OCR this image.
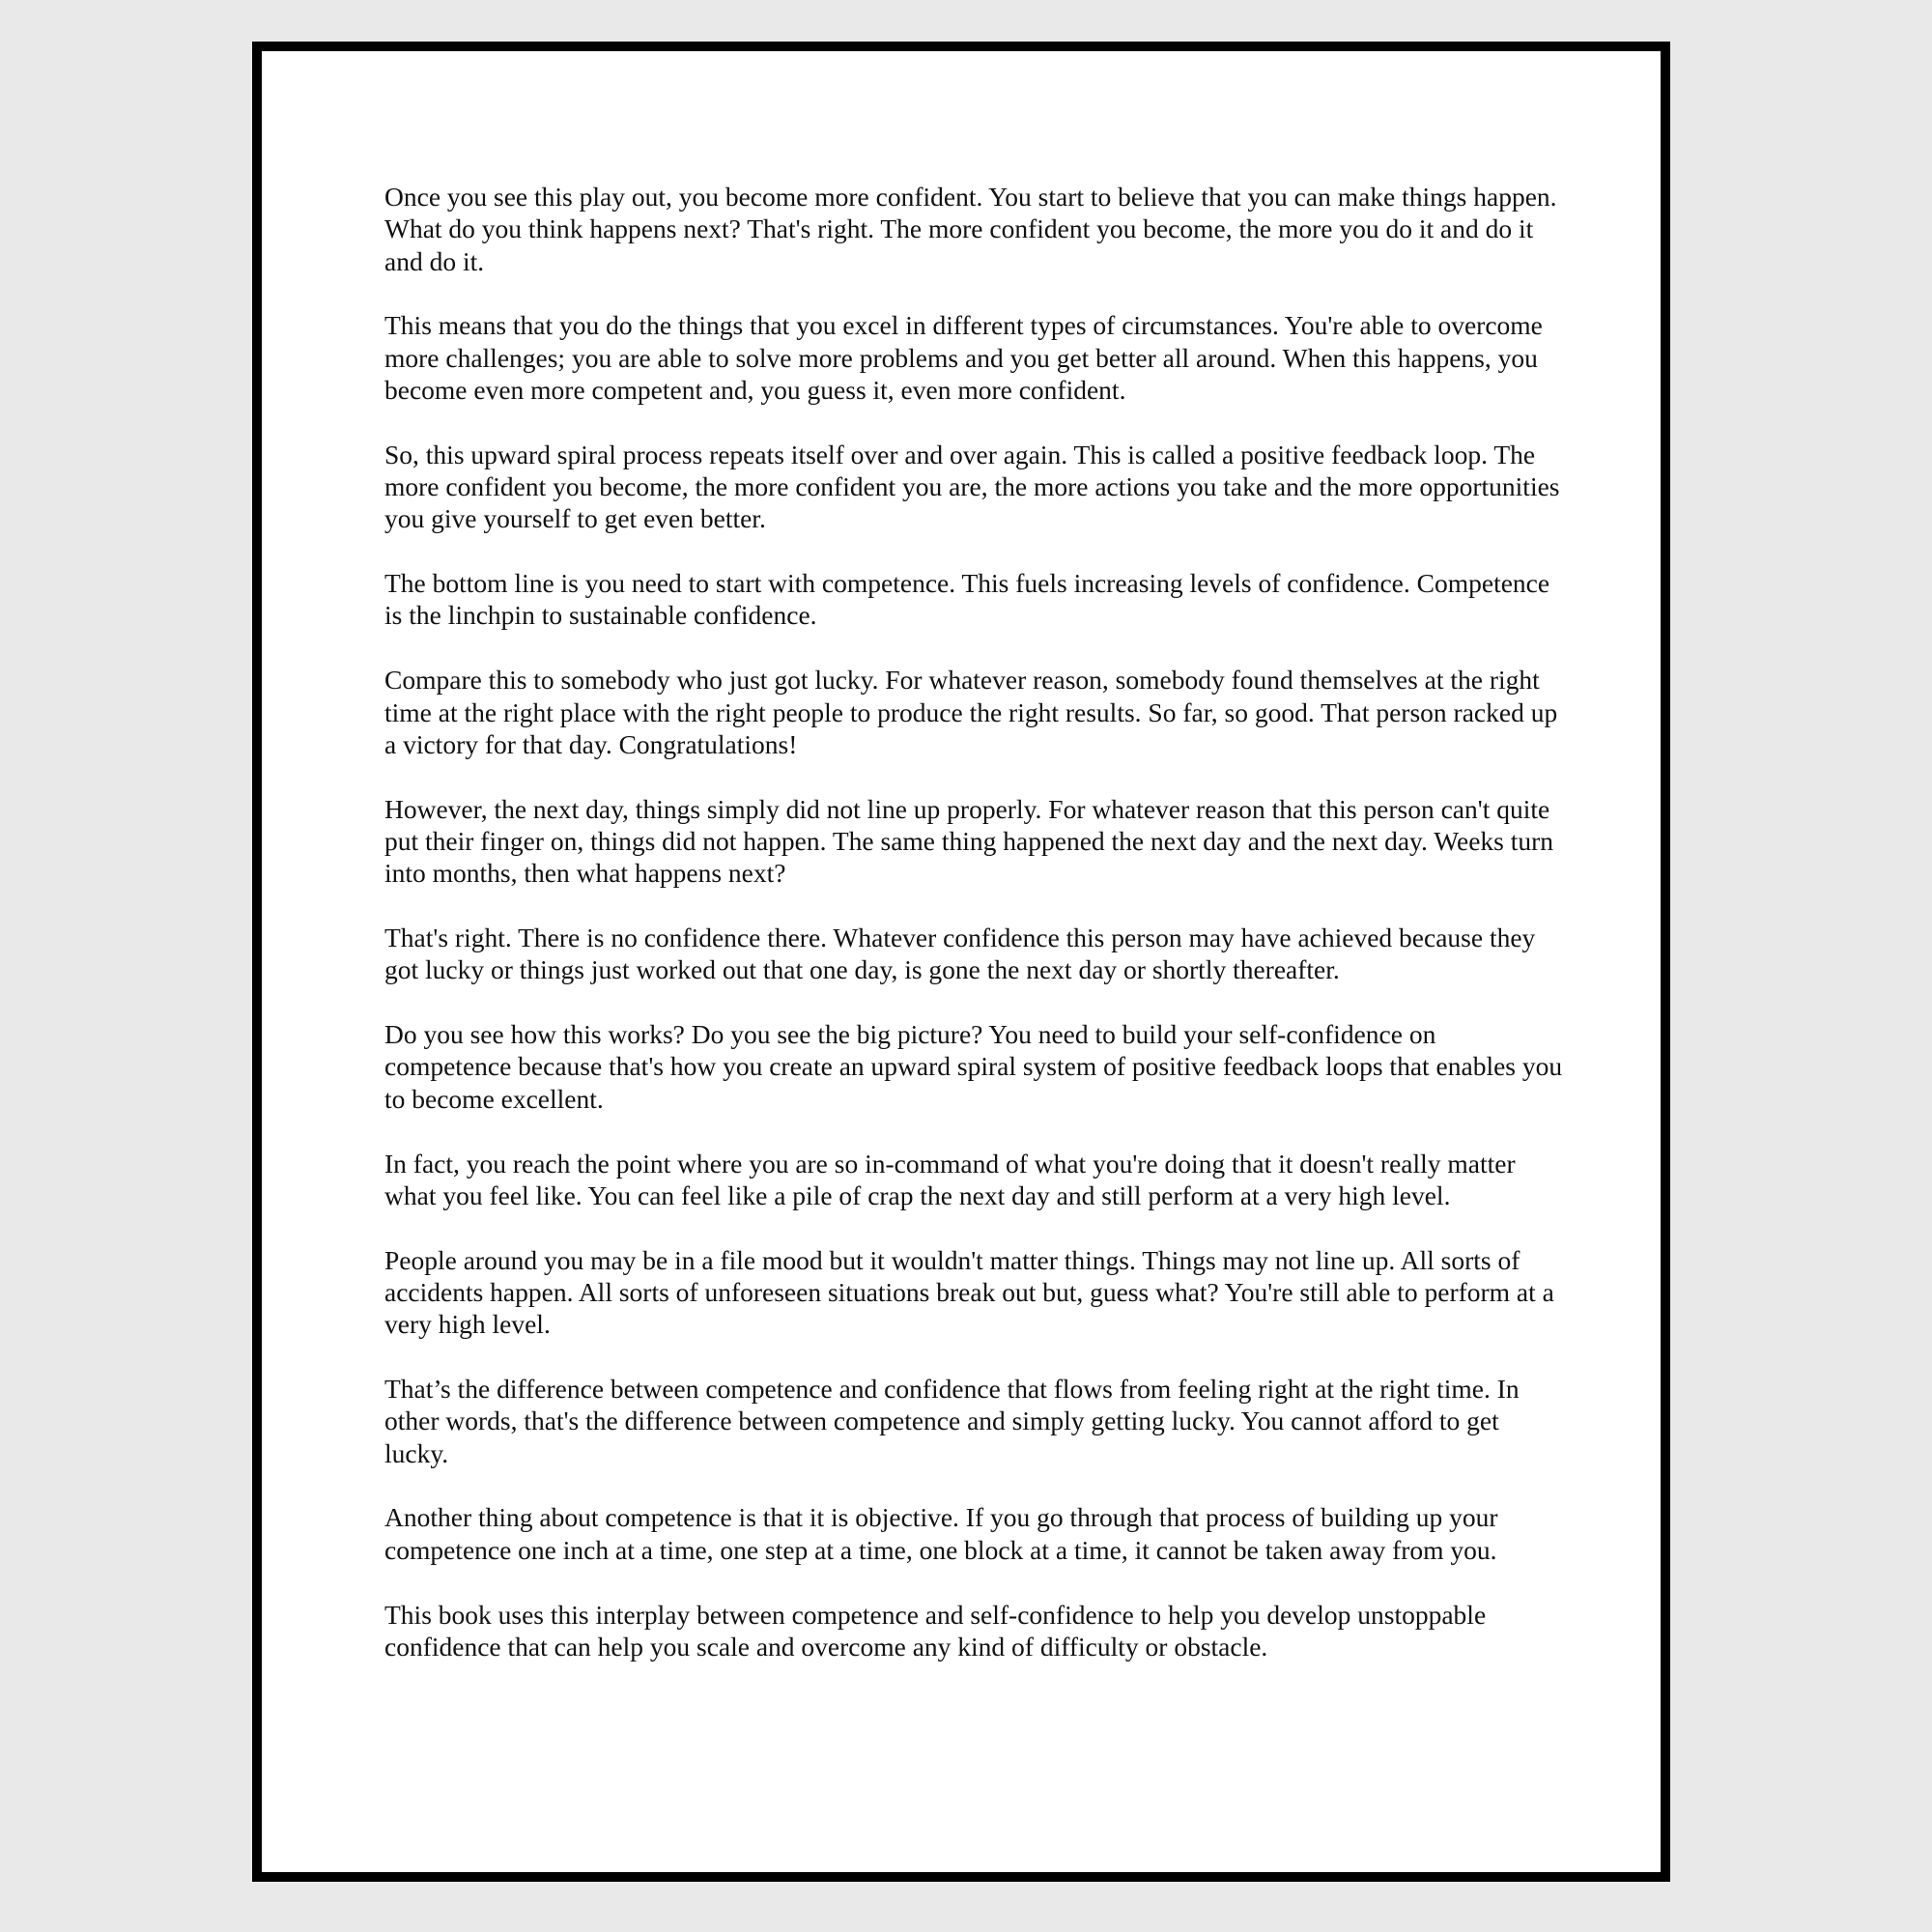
Once you see this play out, you become more confident. You start to believe that you can make things happen. What do you think happens next? That's right. The more confident you become, the more you do it and do it and do it.

This means that you do the things that you excel in different types of circumstances. You're able to overcome more challenges; you are able to solve more problems and you get better all around. When this happens, you become even more competent and, you guess it, even more confident.

So, this upward spiral process repeats itself over and over again. This is called a positive feedback loop. The more confident you become, the more confident you are, the more actions you take and the more opportunities you give yourself to get even better.

The bottom line is you need to start with competence. This fuels increasing levels of confidence. Competence is the linchpin to sustainable confidence.

Compare this to somebody who just got lucky. For whatever reason, somebody found themselves at the right time at the right place with the right people to produce the right results. So far, so good. That person racked up a victory for that day. Congratulations!

However, the next day, things simply did not line up properly. For whatever reason that this person can't quite put their finger on, things did not happen. The same thing happened the next day and the next day. Weeks turn into months, then what happens next?

That's right. There is no confidence there. Whatever confidence this person may have achieved because they got lucky or things just worked out that one day, is gone the next day or shortly thereafter.

Do you see how this works? Do you see the big picture? You need to build your self-confidence on competence because that's how you create an upward spiral system of positive feedback loops that enables you to become excellent.

In fact, you reach the point where you are so in-command of what you're doing that it doesn't really matter what you feel like. You can feel like a pile of crap the next day and still perform at a very high level.

People around you may be in a file mood but it wouldn't matter things. Things may not line up. All sorts of accidents happen. All sorts of unforeseen situations break out but, guess what? You're still able to perform at a very high level.

That’s the difference between competence and confidence that flows from feeling right at the right time. In other words, that's the difference between competence and simply getting lucky. You cannot afford to get lucky.

Another thing about competence is that it is objective. If you go through that process of building up your competence one inch at a time, one step at a time, one block at a time, it cannot be taken away from you.

This book uses this interplay between competence and self-confidence to help you develop unstoppable confidence that can help you scale and overcome any kind of difficulty or obstacle.
